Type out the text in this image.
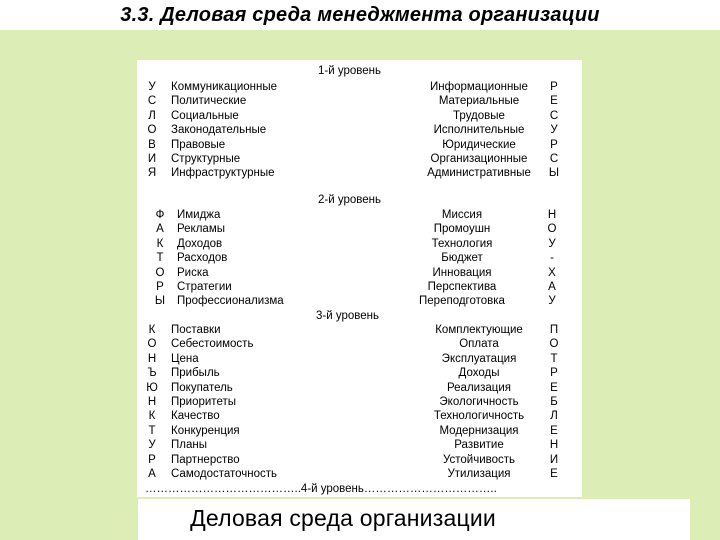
3.3. Деловая среда менеджмента организации
1-й уровень
2-й уровень
3-й уровень
…………………………………..4-й уровень……………………………..
У
С
Л
О
В
И
Я
Коммуникационные
Политические
Социальные
Законодательные
Правовые
Структурные
Инфраструктурные
Информационные
Материальные
Трудовые
Исполнительные
Юридические
Организационные
Административные
Р
Е
С
У
Р
С
Ы
Ф
А
К
Т
О
Р
Ы
Имиджа
Рекламы
Доходов
Расходов
Риска
Стратегии
Профессионализма
Миссия
Промоушн
Технология
Бюджет
Инновация
Перспектива
Переподготовка
Н
О
У
-
Х
А
У
К
О
Н
Ъ
Ю
Н
К
Т
У
Р
А
Поставки
Себестоимость
Цена
Прибыль
Покупатель
Приоритеты
Качество
Конкуренция
Планы
Партнерство
Самодостаточность
Комплектующие
Оплата
Эксплуатация
Доходы
Реализация
Экологичность
Технологичность
Модернизация
Развитие
Устойчивость
Утилизация
П
О
Т
Р
Е
Б
Л
Е
Н
И
Е
Деловая среда организации
